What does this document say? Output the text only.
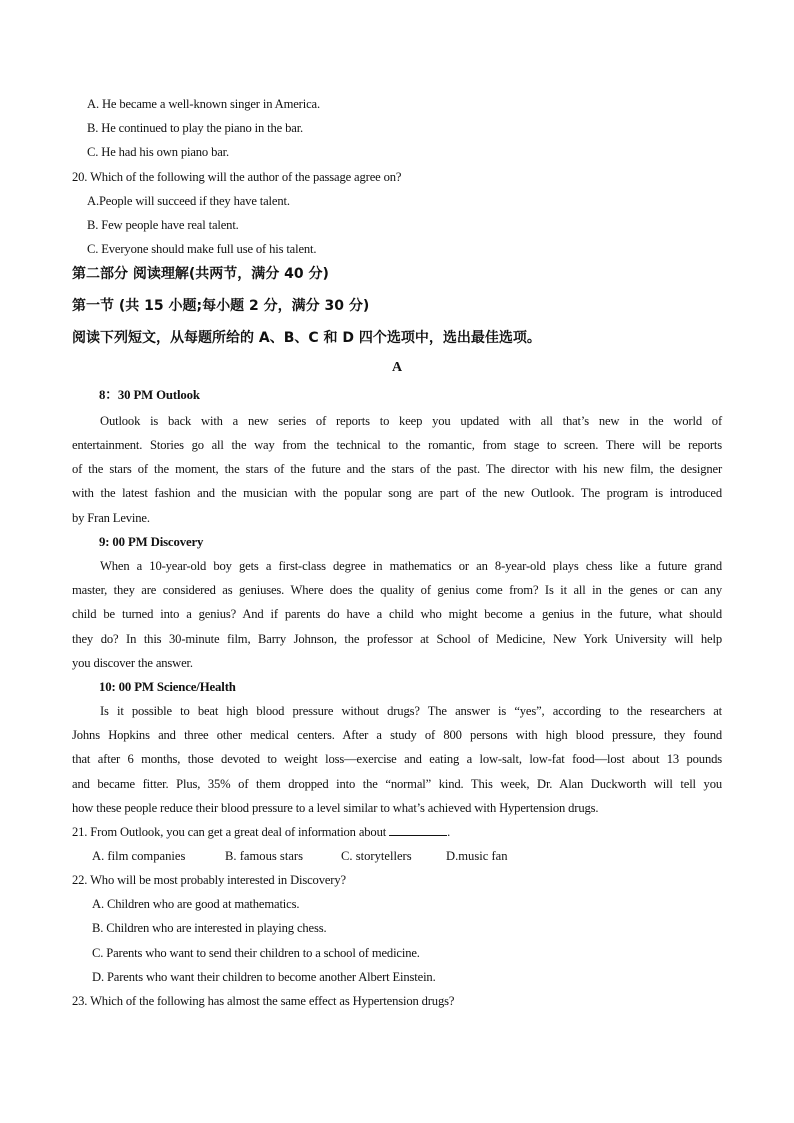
A. He became a well-known singer in America.
B. He continued to play the piano in the bar.
C. He had his own piano bar.
20. Which of the following will the author of the passage agree on?
A.People will succeed if they have talent.
B. Few people have real talent.
C. Everyone should make full use of his talent.
第二部分 阅读理解(共两节，满分 40 分)
第一节 (共 15 小题;每小题 2 分，满分 30 分)
阅读下列短文，从每题所给的 A、B、C 和 D 四个选项中，选出最佳选项。
A
8：30 PM Outlook
Outlook is back with a new series of reports to keep you updated with all that’s new in the world of
entertainment. Stories go all the way from the technical to the romantic, from stage to screen. There will be reports
of the stars of the moment, the stars of the future and the stars of the past. The director with his new film, the designer
with the latest fashion and the musician with the popular song are part of the new Outlook. The program is introduced
by Fran Levine.
9: 00 PM Discovery
When a 10-year-old boy gets a first-class degree in mathematics or an 8-year-old plays chess like a future grand
master, they are considered as geniuses. Where does the quality of genius come from? Is it all in the genes or can any
child be turned into a genius? And if parents do have a child who might become a genius in the future, what should
they do? In this 30-minute film, Barry Johnson, the professor at School of Medicine, New York University will help
you discover the answer.
10: 00 PM Science/Health
Is it possible to beat high blood pressure without drugs? The answer is “yes”, according to the researchers at
Johns Hopkins and three other medical centers. After a study of 800 persons with high blood pressure, they found
that after 6 months, those devoted to weight loss—exercise and eating a low-salt, low-fat food—lost about 13 pounds
and became fitter. Plus, 35% of them dropped into the “normal” kind. This week, Dr. Alan Duckworth will tell you
how these people reduce their blood pressure to a level similar to what’s achieved with Hypertension drugs.
21. From Outlook, you can get a great deal of information about	.
A. film companies	B. famous stars	C. storytellers	D.music fan
22. Who will be most probably interested in Discovery?
A. Children who are good at mathematics.
B. Children who are interested in playing chess.
C. Parents who want to send their children to a school of medicine.
D. Parents who want their children to become another Albert Einstein.
23. Which of the following has almost the same effect as Hypertension drugs?
